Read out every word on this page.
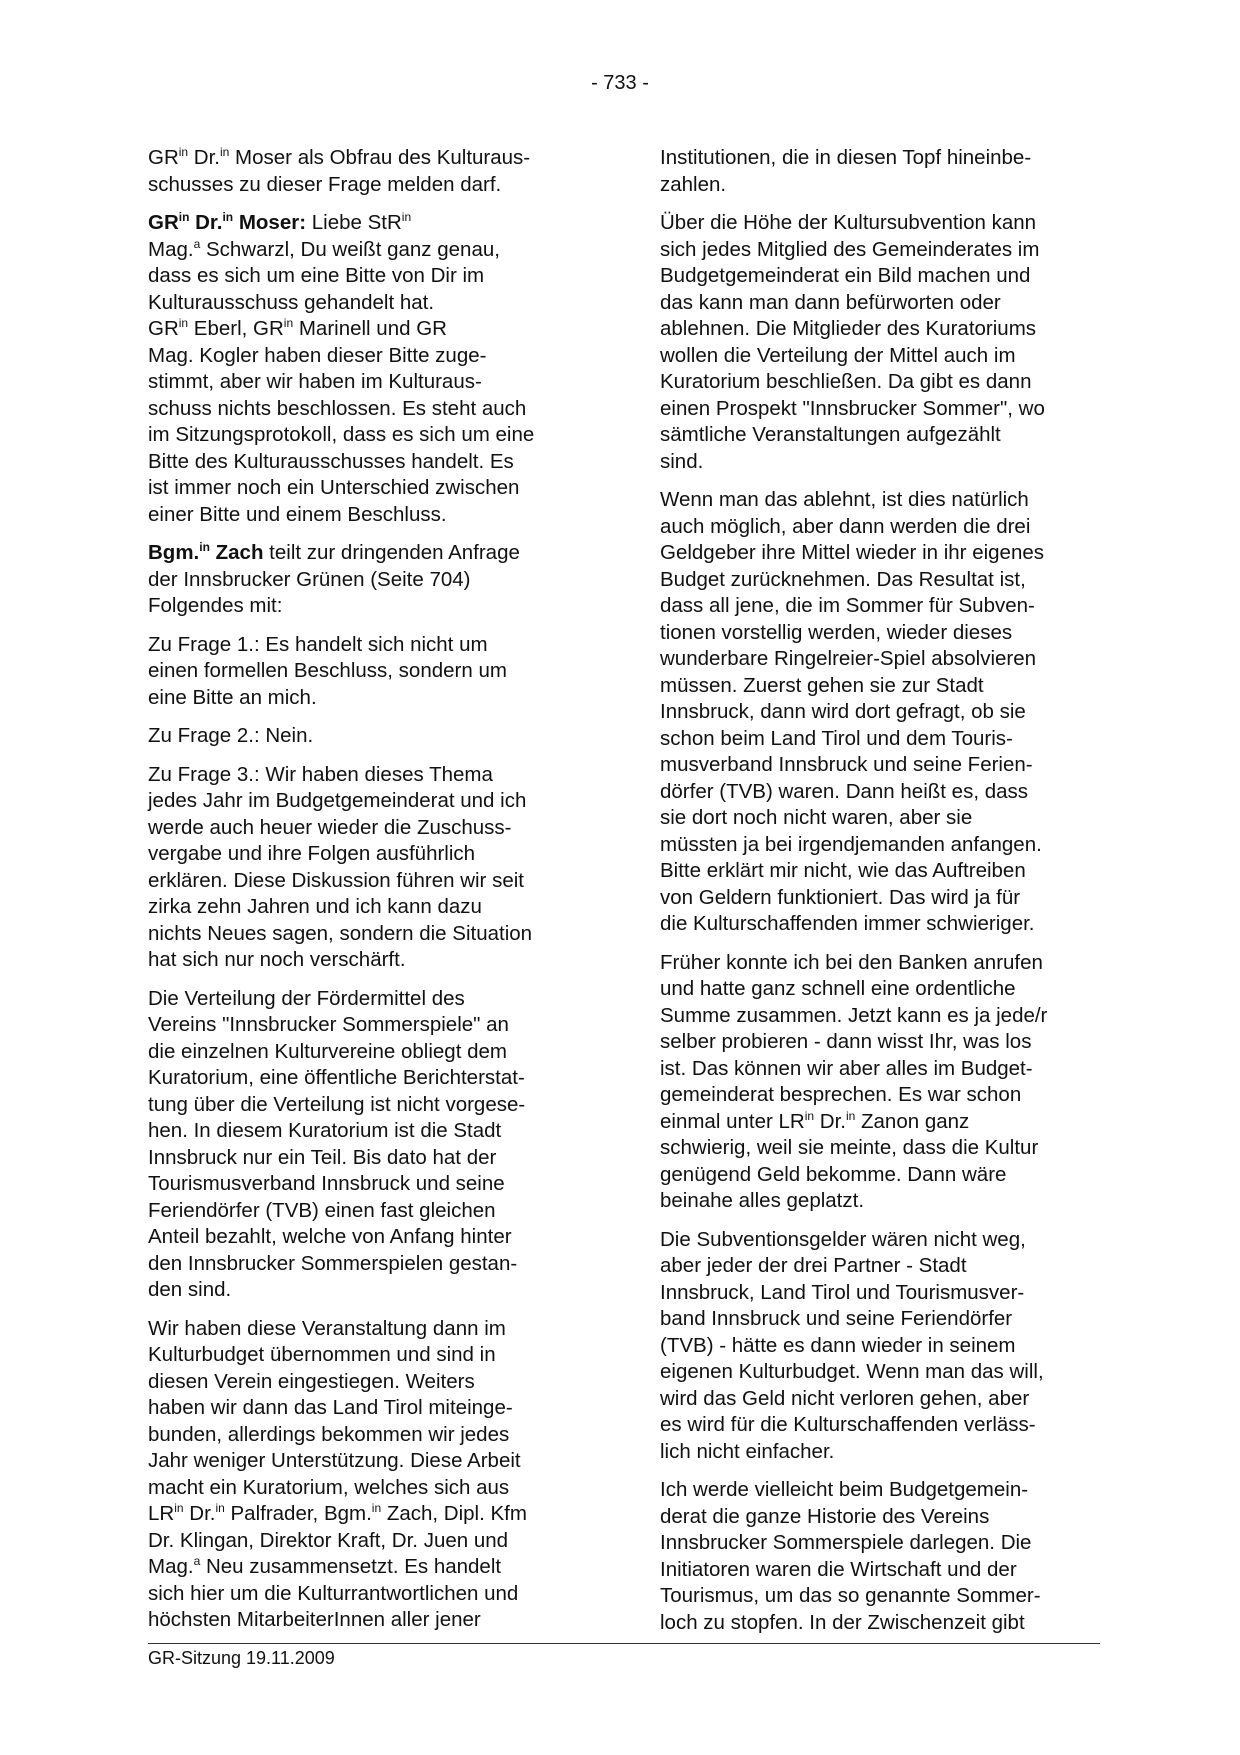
- 733 -

$GR^{in}$ Dr.$^{in}$ Moser als Obfrau des Kulturaus-
schusses zu dieser Frage melden darf.

$GR^{in}$ Dr.$^{in}$ Moser: Liebe StR$^{in}$
Mag.$^a$ Schwarzl, Du weißt ganz genau,
dass es sich um eine Bitte von Dir im
Kulturausschuss gehandelt hat.
$GR^{in}$ Eberl, $GR^{in}$ Marinell und GR
Mag. Kogler haben dieser Bitte zuge-
stimmt, aber wir haben im Kulturaus-
schuss nichts beschlossen. Es steht auch
im Sitzungsprotokoll, dass es sich um eine
Bitte des Kulturausschusses handelt. Es
ist immer noch ein Unterschied zwischen
einer Bitte und einem Beschluss.

Bgm.$^{in}$ Zach teilt zur dringenden Anfrage
der Innsbrucker Grünen (Seite 704)
Folgendes mit:

Zu Frage 1.: Es handelt sich nicht um
einen formellen Beschluss, sondern um
eine Bitte an mich.

Zu Frage 2.: Nein.

Zu Frage 3.: Wir haben dieses Thema
jedes Jahr im Budgetgemeinderat und ich
werde auch heuer wieder die Zuschuss-
vergabe und ihre Folgen ausführlich
erklären. Diese Diskussion führen wir seit
zirka zehn Jahren und ich kann dazu
nichts Neues sagen, sondern die Situation
hat sich nur noch verschärft.

Die Verteilung der Fördermittel des
Vereins "Innsbrucker Sommerspiele" an
die einzelnen Kulturvereine obliegt dem
Kuratorium, eine öffentliche Berichterstat-
tung über die Verteilung ist nicht vorgese-
hen. In diesem Kuratorium ist die Stadt
Innsbruck nur ein Teil. Bis dato hat der
Tourismusverband Innsbruck und seine
Feriendörfer (TVB) einen fast gleichen
Anteil bezahlt, welche von Anfang hinter
den Innsbrucker Sommerspielen gestan-
den sind.

Wir haben diese Veranstaltung dann im
Kulturbudget übernommen und sind in
diesen Verein eingestiegen. Weiters
haben wir dann das Land Tirol miteinge-
bunden, allerdings bekommen wir jedes
Jahr weniger Unterstützung. Diese Arbeit
macht ein Kuratorium, welches sich aus
$LR^{in}$ Dr.$^{in}$ Palfrader, Bgm.$^{in}$ Zach, Dipl. Kfm
Dr. Klingan, Direktor Kraft, Dr. Juen und
Mag.$^a$ Neu zusammensetzt. Es handelt
sich hier um die Kulturrantwortlichen und
höchsten MitarbeiterInnen aller jener

Institutionen, die in diesen Topf hineinbe-
zahlen.

Über die Höhe der Kultursubvention kann
sich jedes Mitglied des Gemeinderates im
Budgetgemeinderat ein Bild machen und
das kann man dann befürworten oder
ablehnen. Die Mitglieder des Kuratoriums
wollen die Verteilung der Mittel auch im
Kuratorium beschließen. Da gibt es dann
einen Prospekt "Innsbrucker Sommer", wo
sämtliche Veranstaltungen aufgezählt
sind.

Wenn man das ablehnt, ist dies natürlich
auch möglich, aber dann werden die drei
Geldgeber ihre Mittel wieder in ihr eigenes
Budget zurücknehmen. Das Resultat ist,
dass all jene, die im Sommer für Subven-
tionen vorstellig werden, wieder dieses
wunderbare Ringelreier-Spiel absolvieren
müssen. Zuerst gehen sie zur Stadt
Innsbruck, dann wird dort gefragt, ob sie
schon beim Land Tirol und dem Touris-
musverband Innsbruck und seine Ferien-
dörfer (TVB) waren. Dann heißt es, dass
sie dort noch nicht waren, aber sie
müssten ja bei irgendjemanden anfangen.
Bitte erklärt mir nicht, wie das Auftreiben
von Geldern funktioniert. Das wird ja für
die Kulturschaffenden immer schwieriger.

Früher konnte ich bei den Banken anrufen
und hatte ganz schnell eine ordentliche
Summe zusammen. Jetzt kann es ja jede/r
selber probieren - dann wisst Ihr, was los
ist. Das können wir aber alles im Budget-
gemeinderat besprechen. Es war schon
einmal unter $LR^{in}$ Dr.$^{in}$ Zanon ganz
schwierig, weil sie meinte, dass die Kultur
genügend Geld bekomme. Dann wäre
beinahe alles geplatzt.

Die Subventionsgelder wären nicht weg,
aber jeder der drei Partner - Stadt
Innsbruck, Land Tirol und Tourismusver-
band Innsbruck und seine Feriendörfer
(TVB) - hätte es dann wieder in seinem
eigenen Kulturbudget. Wenn man das will,
wird das Geld nicht verloren gehen, aber
es wird für die Kulturschaffenden verläss-
lich nicht einfacher.

Ich werde vielleicht beim Budgetgemein-
derat die ganze Historie des Vereins
Innsbrucker Sommerspiele darlegen. Die
Initiatoren waren die Wirtschaft und der
Tourismus, um das so genannte Sommer-
loch zu stopfen. In der Zwischenzeit gibt

GR-Sitzung 19.11.2009
